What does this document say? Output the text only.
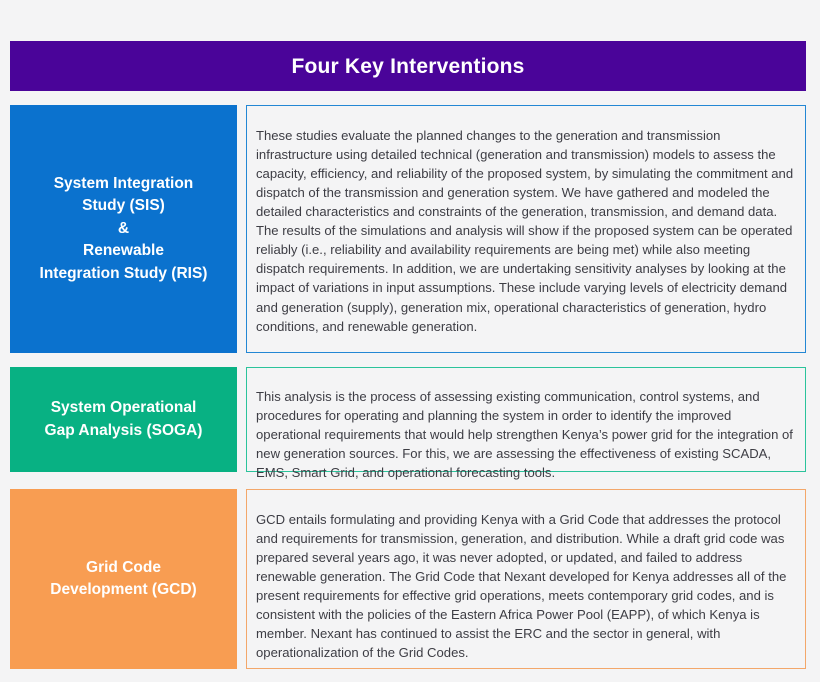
Four Key Interventions
System Integration
Study (SIS)
&
Renewable
Integration Study (RIS)

These studies evaluate the planned changes to the generation and transmission infrastructure using detailed technical (generation and transmission) models to assess the capacity, efficiency, and reliability of the proposed system, by simulating the commitment and dispatch of the transmission and generation system. We have gathered and modeled the detailed characteristics and constraints of the generation, transmission, and demand data. The results of the simulations and analysis will show if the proposed system can be operated reliably (i.e., reliability and availability requirements are being met) while also meeting dispatch requirements. In addition, we are undertaking sensitivity analyses by looking at the impact of variations in input assumptions. These include varying levels of electricity demand and generation (supply), generation mix, operational characteristics of generation, hydro conditions, and renewable generation.

System Operational
Gap Analysis (SOGA)

This analysis is the process of assessing existing communication, control systems, and procedures for operating and planning the system in order to identify the improved operational requirements that would help strengthen Kenya’s power grid for the integration of new generation sources. For this, we are assessing the effectiveness of existing SCADA, EMS, Smart Grid, and operational forecasting tools.

Grid Code
Development (GCD)

GCD entails formulating and providing Kenya with a Grid Code that addresses the protocol and requirements for transmission, generation, and distribution. While a draft grid code was prepared several years ago, it was never adopted, or updated, and failed to address renewable generation. The Grid Code that Nexant developed for Kenya addresses all of the present requirements for effective grid operations, meets contemporary grid codes, and is consistent with the policies of the Eastern Africa Power Pool (EAPP), of which Kenya is member. Nexant has continued to assist the ERC and the sector in general, with operationalization of the Grid Codes.
